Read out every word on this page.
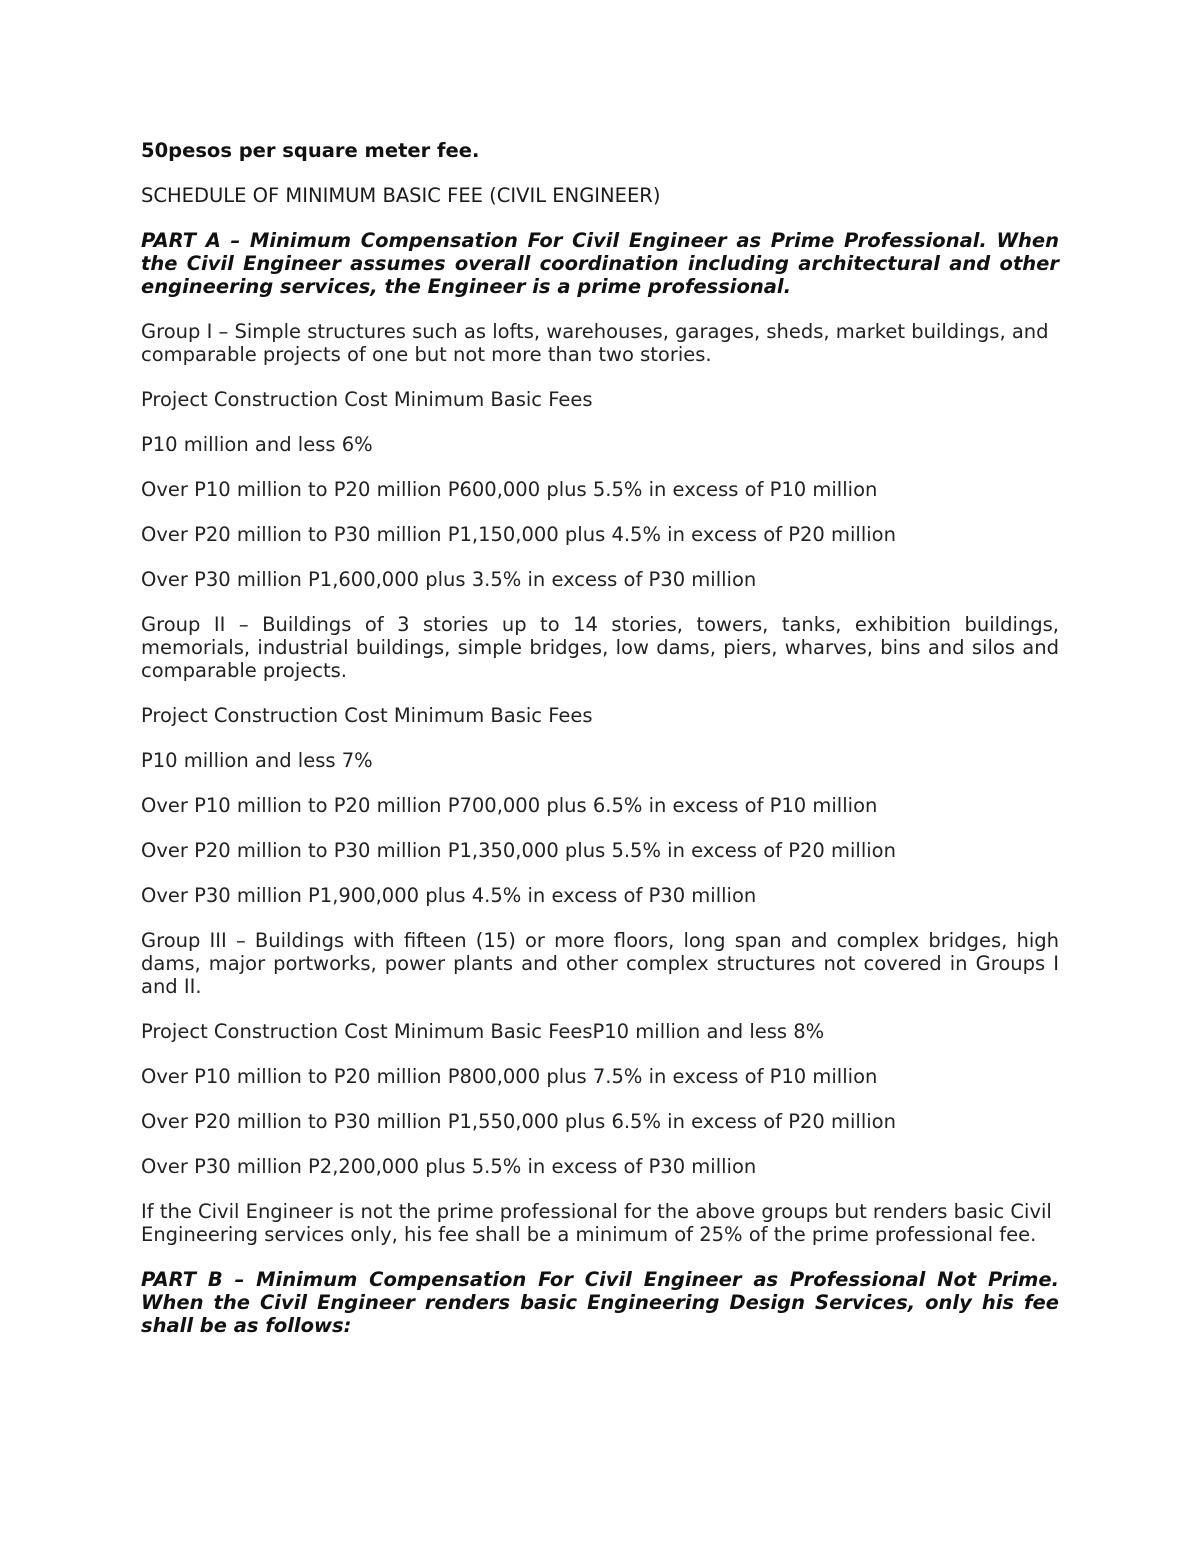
50pesos per square meter fee.

SCHEDULE OF MINIMUM BASIC FEE (CIVIL ENGINEER)

PART A – Minimum Compensation For Civil Engineer as Prime Professional. When the Civil Engineer assumes overall coordination including architectural and other engineering services, the Engineer is a prime professional.

Group I – Simple structures such as lofts, warehouses, garages, sheds, market buildings, and comparable projects of one but not more than two stories.

Project Construction Cost Minimum Basic Fees

P10 million and less 6%

Over P10 million to P20 million P600,000 plus 5.5% in excess of P10 million

Over P20 million to P30 million P1,150,000 plus 4.5% in excess of P20 million

Over P30 million P1,600,000 plus 3.5% in excess of P30 million

Group II – Buildings of 3 stories up to 14 stories, towers, tanks, exhibition buildings, memorials, industrial buildings, simple bridges, low dams, piers, wharves, bins and silos and comparable projects.

Project Construction Cost Minimum Basic Fees

P10 million and less 7%

Over P10 million to P20 million P700,000 plus 6.5% in excess of P10 million

Over P20 million to P30 million P1,350,000 plus 5.5% in excess of P20 million

Over P30 million P1,900,000 plus 4.5% in excess of P30 million

Group III – Buildings with fifteen (15) or more floors, long span and complex bridges, high dams, major portworks, power plants and other complex structures not covered in Groups I and II.

Project Construction Cost Minimum Basic FeesP10 million and less 8%

Over P10 million to P20 million P800,000 plus 7.5% in excess of P10 million

Over P20 million to P30 million P1,550,000 plus 6.5% in excess of P20 million

Over P30 million P2,200,000 plus 5.5% in excess of P30 million

If the Civil Engineer is not the prime professional for the above groups but renders basic Civil Engineering services only, his fee shall be a minimum of 25% of the prime professional fee.

PART B – Minimum Compensation For Civil Engineer as Professional Not Prime. When the Civil Engineer renders basic Engineering Design Services, only his fee shall be as follows:
